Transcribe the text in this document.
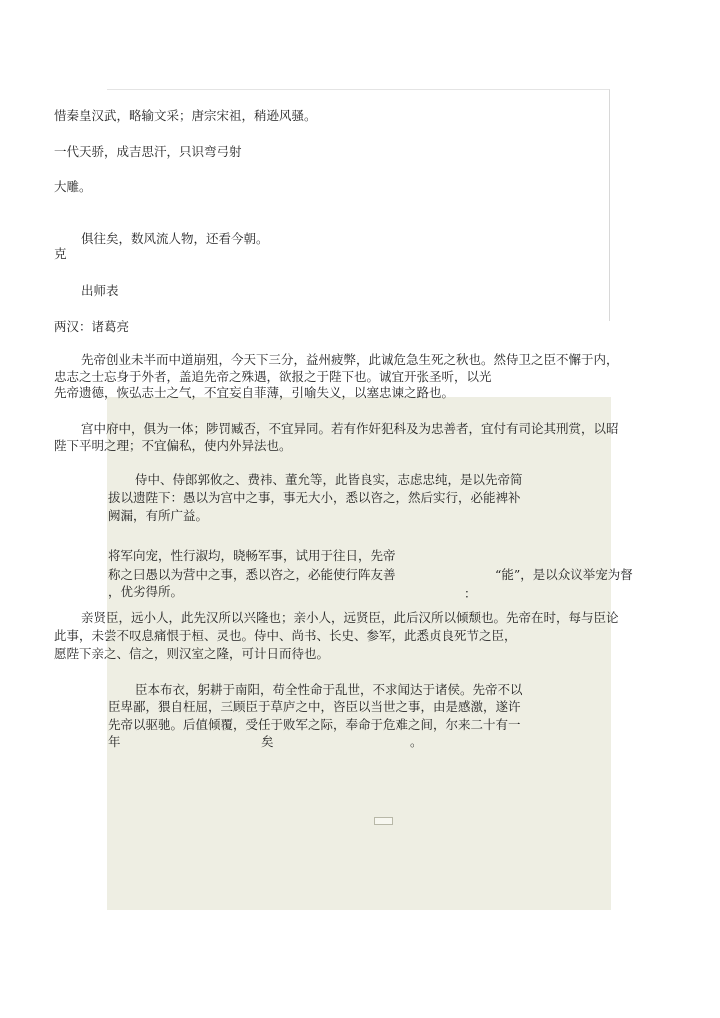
惜秦皇汉武，略输文采；唐宗宋祖，稍逊风骚。
一代天骄，成吉思汗，只识弯弓射
大雕。
俱往矣，数风流人物，还看今朝。
克
出师表
两汉：诸葛亮
先帝创业未半而中道崩殂，今天下三分，益州疲弊，此诚危急生死之秋也。然侍卫之臣不懈于内，
忠志之士忘身于外者，盖追先帝之殊遇，欲报之于陛下也。诚宜开张圣听，以光
先帝遗德，恢弘志士之气，不宜妄自菲薄，引喻失义，以塞忠谏之路也。
宫中府中，俱为一体；陟罚臧否，不宜异同。若有作奸犯科及为忠善者，宜付有司论其刑赏，以昭
陛下平明之理；不宜偏私，使内外异法也。
侍中、侍郎郭攸之、费祎、董允等，此皆良实，志虑忠纯，是以先帝简
拔以遗陛下：愚以为宫中之事，事无大小，悉以咨之，然后实行，必能裨补
阙漏，有所广益。
将军向宠，性行淑均，晓畅军事，试用于往日，先帝
称之曰愚以为营中之事，悉以咨之，必能使行阵友善	“能”，是以众议举宠为督
，优劣得所。	：
亲贤臣，远小人，此先汉所以兴隆也；亲小人，远贤臣，此后汉所以倾颓也。先帝在时，每与臣论
此事，未尝不叹息痛恨于桓、灵也。侍中、尚书、长史、参军，此悉贞良死节之臣，
愿陛下亲之、信之，则汉室之隆，可计日而待也。
臣本布衣，躬耕于南阳，苟全性命于乱世，不求闻达于诸侯。先帝不以
臣卑鄙，猥自枉屈，三顾臣于草庐之中，咨臣以当世之事，由是感激，遂许
先帝以驱驰。后值倾覆，受任于败军之际，奉命于危难之间，尔来二十有一
年	矣	。
